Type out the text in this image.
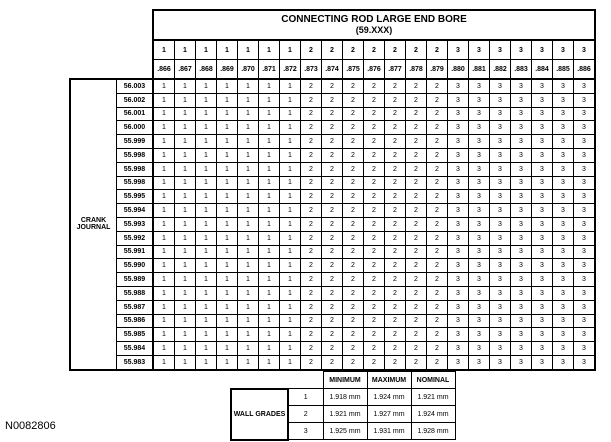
		CONNECTING ROD LARGE END BORE
(59.XXX)																				

		1	1	1	1	1	1	1	2	2	2	2	2	2	2	3	3	3	3	3	3	3
		.866	.867	.868	.869	.870	.871	.872	.873	.874	.875	.876	.877	.878	.879	.880	.881	.882	.883	.884	.885	.886
CRANK JOURNAL	56.003	1	1	1	1	1	1	1	2	2	2	2	2	2	2	3	3	3	3	3	3	3
	56.002	1	1	1	1	1	1	1	2	2	2	2	2	2	2	3	3	3	3	3	3	3
	56.001	1	1	1	1	1	1	1	2	2	2	2	2	2	2	3	3	3	3	3	3	3
	56.000	1	1	1	1	1	1	1	2	2	2	2	2	2	2	3	3	3	3	3	3	3
	55.999	1	1	1	1	1	1	1	2	2	2	2	2	2	2	3	3	3	3	3	3	3
	55.998	1	1	1	1	1	1	1	2	2	2	2	2	2	2	3	3	3	3	3	3	3
	55.998	1	1	1	1	1	1	1	2	2	2	2	2	2	2	3	3	3	3	3	3	3
	55.998	1	1	1	1	1	1	1	2	2	2	2	2	2	2	3	3	3	3	3	3	3
	55.995	1	1	1	1	1	1	1	2	2	2	2	2	2	2	3	3	3	3	3	3	3
	55.994	1	1	1	1	1	1	1	2	2	2	2	2	2	2	3	3	3	3	3	3	3
	55.993	1	1	1	1	1	1	1	2	2	2	2	2	2	2	3	3	3	3	3	3	3
	55.992	1	1	1	1	1	1	1	2	2	2	2	2	2	2	3	3	3	3	3	3	3
	55.991	1	1	1	1	1	1	1	2	2	2	2	2	2	2	3	3	3	3	3	3	3
	55.990	1	1	1	1	1	1	1	2	2	2	2	2	2	2	3	3	3	3	3	3	3
	55.989	1	1	1	1	1	1	1	2	2	2	2	2	2	2	3	3	3	3	3	3	3
	55.988	1	1	1	1	1	1	1	2	2	2	2	2	2	2	3	3	3	3	3	3	3
	55.987	1	1	1	1	1	1	1	2	2	2	2	2	2	2	3	3	3	3	3	3	3
	55.986	1	1	1	1	1	1	1	2	2	2	2	2	2	2	3	3	3	3	3	3	3
	55.985	1	1	1	1	1	1	1	2	2	2	2	2	2	2	3	3	3	3	3	3	3
	55.984	1	1	1	1	1	1	1	2	2	2	2	2	2	2	3	3	3	3	3	3	3
	55.983	1	1	1	1	1	1	1	2	2	2	2	2	2	2	3	3	3	3	3	3	3
		MINIMUM	MAXIMUM	NOMINAL
WALL GRADES	1	1.918 mm	1.924 mm	1.921 mm
	2	1.921 mm	1.927 mm	1.924 mm
	3	1.925 mm	1.931 mm	1.928 mm
N0082806
